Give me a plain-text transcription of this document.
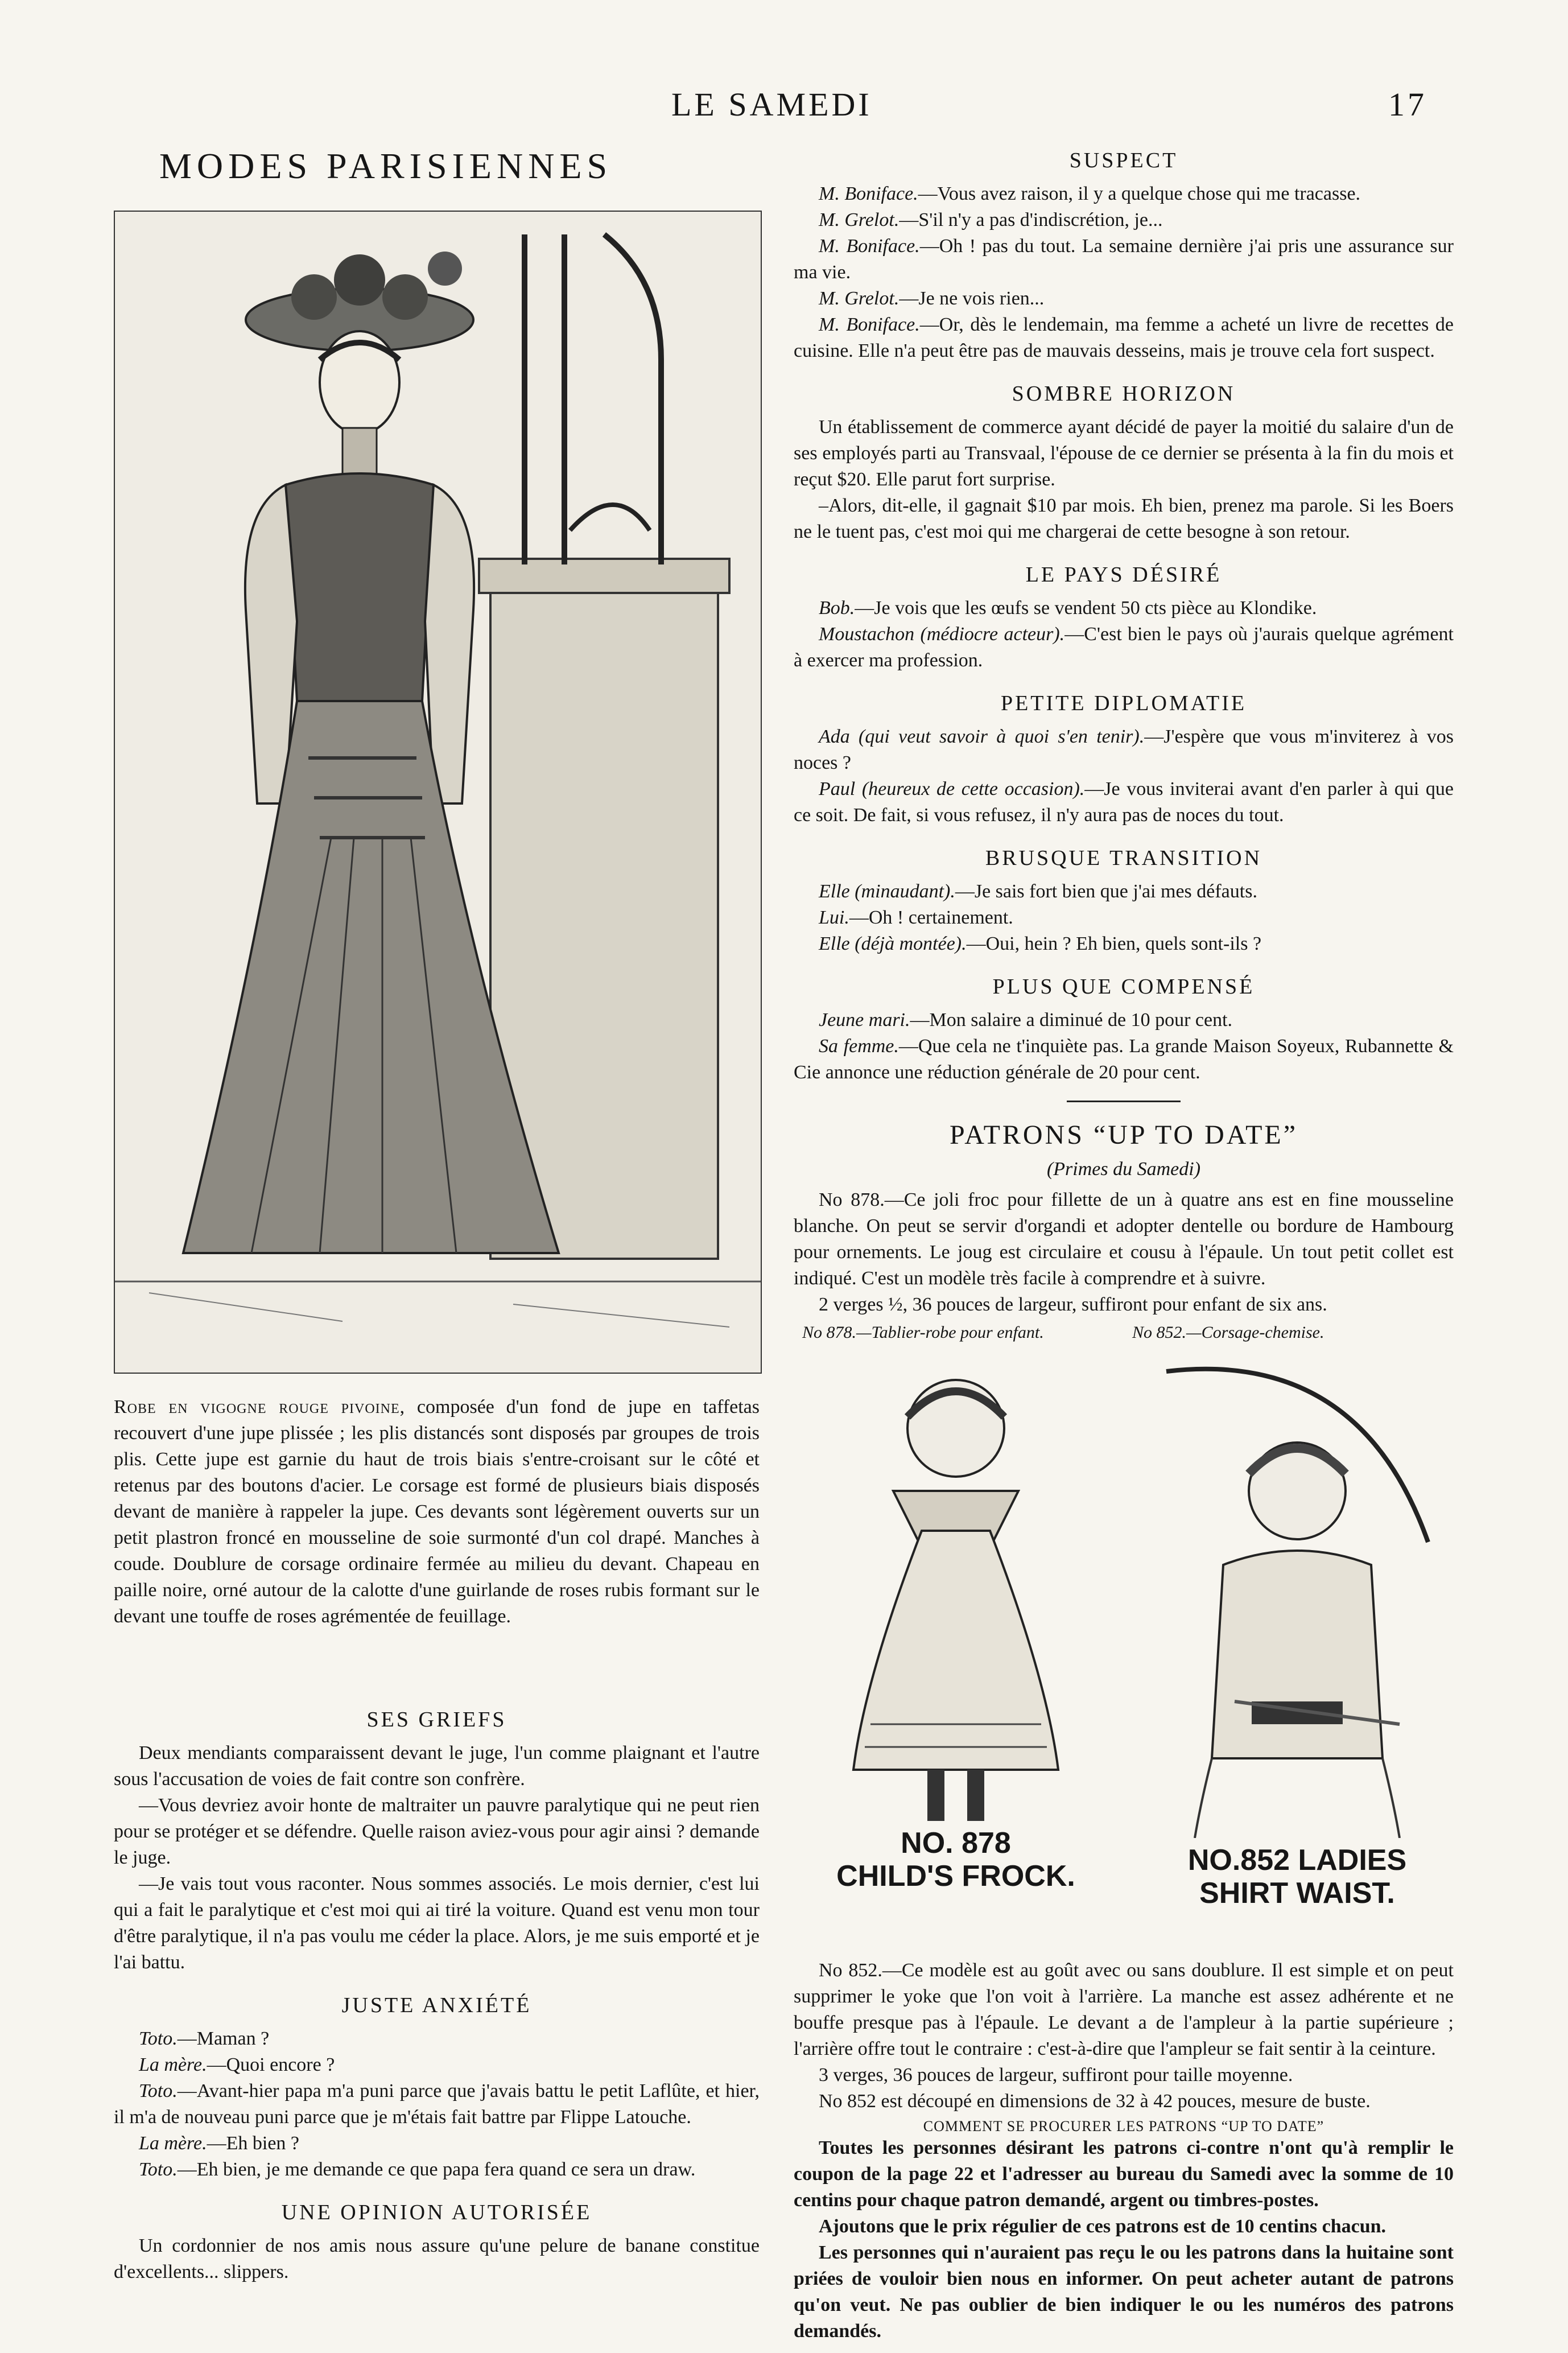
LE SAMEDI	17
MODES PARISIENNES
Robe en vigogne rouge pivoine, composée d'un fond de jupe en taffetas recouvert d'une jupe plissée ; les plis distancés sont disposés par groupes de trois plis. Cette jupe est garnie du haut de trois biais s'entre-croisant sur le côté et retenus par des boutons d'acier. Le corsage est formé de plusieurs biais disposés devant de manière à rappeler la jupe. Ces devants sont légèrement ouverts sur un petit plastron froncé en mousseline de soie surmonté d'un col drapé. Manches à coude. Doublure de corsage ordinaire fermée au milieu du devant. Chapeau en paille noire, orné autour de la calotte d'une guirlande de roses rubis formant sur le devant une touffe de roses agrémentée de feuillage.
SES GRIEFS

Deux mendiants comparaissent devant le juge, l'un comme plaignant et l'autre sous l'accusation de voies de fait contre son confrère.

—Vous devriez avoir honte de maltraiter un pauvre paralytique qui ne peut rien pour se protéger et se défendre. Quelle raison aviez-vous pour agir ainsi ? demande le juge.

—Je vais tout vous raconter. Nous sommes associés. Le mois dernier, c'est lui qui a fait le paralytique et c'est moi qui ai tiré la voiture. Quand est venu mon tour d'être paralytique, il n'a pas voulu me céder la place. Alors, je me suis emporté et je l'ai battu.

JUSTE ANXIÉTÉ

Toto.—Maman ?

La mère.—Quoi encore ?

Toto.—Avant-hier papa m'a puni parce que j'avais battu le petit Laflûte, et hier, il m'a de nouveau puni parce que je m'étais fait battre par Flippe Latouche.

La mère.—Eh bien ?

Toto.—Eh bien, je me demande ce que papa fera quand ce sera un draw.

UNE OPINION AUTORISÉE

Un cordonnier de nos amis nous assure qu'une pelure de banane constitue d'excellents... slippers.

SUSPECT

M. Boniface.—Vous avez raison, il y a quelque chose qui me tracasse.

M. Grelot.—S'il n'y a pas d'indiscrétion, je...

M. Boniface.—Oh ! pas du tout. La semaine dernière j'ai pris une assurance sur ma vie.

M. Grelot.—Je ne vois rien...

M. Boniface.—Or, dès le lendemain, ma femme a acheté un livre de recettes de cuisine. Elle n'a peut être pas de mauvais desseins, mais je trouve cela fort suspect.

SOMBRE HORIZON

Un établissement de commerce ayant décidé de payer la moitié du salaire d'un de ses employés parti au Transvaal, l'épouse de ce dernier se présenta à la fin du mois et reçut $20. Elle parut fort surprise.

–Alors, dit-elle, il gagnait $10 par mois. Eh bien, prenez ma parole. Si les Boers ne le tuent pas, c'est moi qui me chargerai de cette besogne à son retour.

LE PAYS DÉSIRÉ

Bob.—Je vois que les œufs se vendent 50 cts pièce au Klondike.

Moustachon (médiocre acteur).—C'est bien le pays où j'aurais quelque agrément à exercer ma profession.

PETITE DIPLOMATIE

Ada (qui veut savoir à quoi s'en tenir).—J'espère que vous m'inviterez à vos noces ?

Paul (heureux de cette occasion).—Je vous inviterai avant d'en parler à qui que ce soit. De fait, si vous refusez, il n'y aura pas de noces du tout.

BRUSQUE TRANSITION

Elle (minaudant).—Je sais fort bien que j'ai mes défauts.

Lui.—Oh ! certainement.

Elle (déjà montée).—Oui, hein ? Eh bien, quels sont-ils ?

PLUS QUE COMPENSÉ

Jeune mari.—Mon salaire a diminué de 10 pour cent.

Sa femme.—Que cela ne t'inquiète pas. La grande Maison Soyeux, Rubannette & Cie annonce une réduction générale de 20 pour cent.

PATRONS “UP TO DATE”
(Primes du Samedi)

No 878.—Ce joli froc pour fillette de un à quatre ans est en fine mousseline blanche. On peut se servir d'organdi et adopter dentelle ou bordure de Hambourg pour ornements. Le joug est circulaire et cousu à l'épaule. Un tout petit collet est indiqué. C'est un modèle très facile à comprendre et à suivre.

2 verges ½, 36 pouces de largeur, suffiront pour enfant de six ans.

No 878.—Tablier-robe pour enfant.	No 852.—Corsage-chemise.
NO. 878
CHILD'S FROCK.	NO.852 LADIES
SHIRT WAIST.

No 852.—Ce modèle est au goût avec ou sans doublure. Il est simple et on peut supprimer le yoke que l'on voit à l'arrière. La manche est assez adhérente et ne bouffe presque pas à l'épaule. Le devant a de l'ampleur à la partie supérieure ; l'arrière offre tout le contraire : c'est-à-dire que l'ampleur se fait sentir à la ceinture.

3 verges, 36 pouces de largeur, suffiront pour taille moyenne.

No 852 est découpé en dimensions de 32 à 42 pouces, mesure de buste.

COMMENT SE PROCURER LES PATRONS “UP TO DATE”

Toutes les personnes désirant les patrons ci-contre n'ont qu'à remplir le coupon de la page 22 et l'adresser au bureau du Samedi avec la somme de 10 centins pour chaque patron demandé, argent ou timbres-postes.

Ajoutons que le prix régulier de ces patrons est de 10 centins chacun.

Les personnes qui n'auraient pas reçu le ou les patrons dans la huitaine sont priées de vouloir bien nous en informer. On peut acheter autant de patrons qu'on veut. Ne pas oublier de bien indiquer le ou les numéros des patrons demandés.
